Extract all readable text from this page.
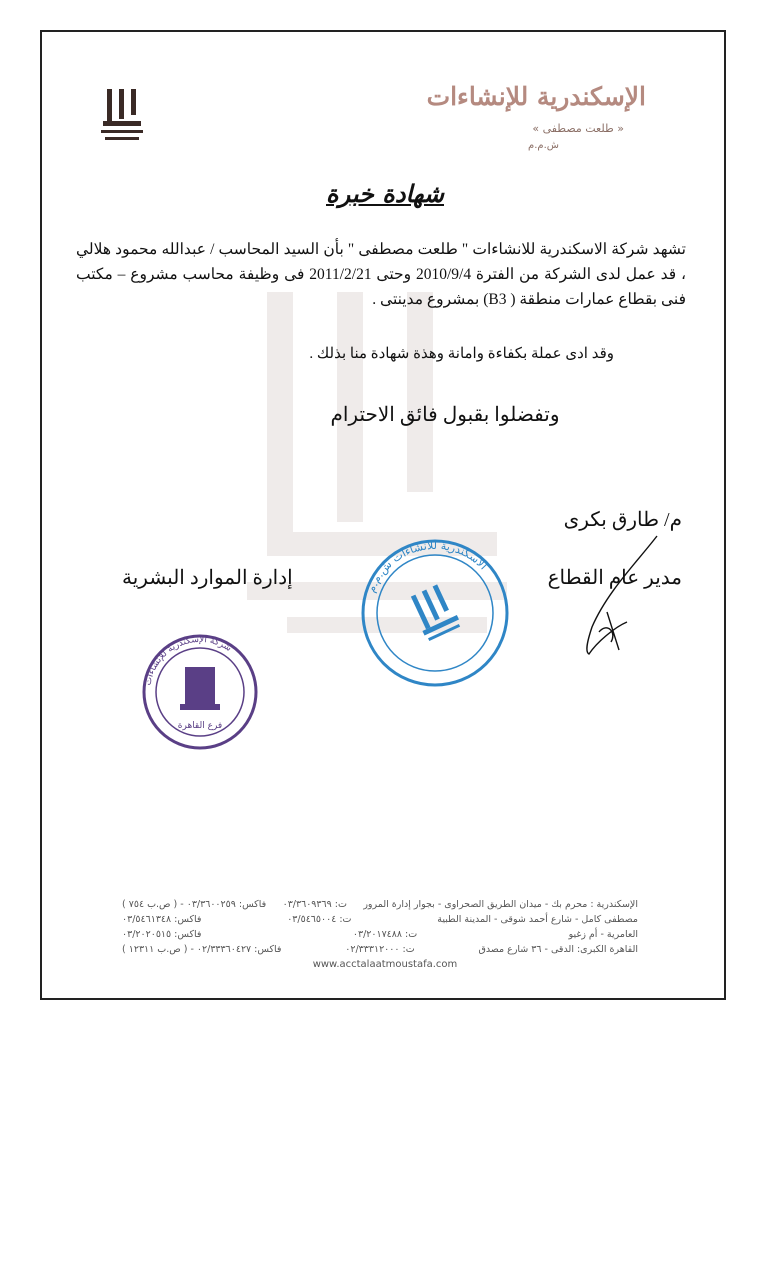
الإسكندرية للإنشاءات
« طلعت مصطفى »
ش.م.م
شهادة خبرة

تشهد شركة الاسكندرية للانشاءات " طلعت مصطفى " بأن السيد المحاسب / عبدالله محمود هلالي ، قد عمل لدى الشركة من الفترة 2010/9/4 وحتى 2011/2/21 فى وظيفة محاسب مشروع – مكتب فنى بقطاع عمارات منطقة ( B3) بمشروع مدينتى .

وقد ادى عملة بكفاءة وامانة وهذة شهادة منا بذلك .
وتفضلوا بقبول فائق الاحترام
م/ طارق بكرى
مدير عام القطاع
إدارة الموارد البشرية	الاسكندرية للانشاءات ش.م.م
شركة الإسكندرية للإنشاءات
فرع القاهرة
الإسكندرية : محرم بك - ميدان الطريق الصحراوى - بجوار إدارة المرور
ت: ٠٣/٣٦٠٩٣٦٩
فاكس: ٠٣/٣٦٠٠٢٥٩ - ( ص.ب ٧٥٤ )
مصطفى كامل - شارع أحمد شوقى - المدينة الطبية
ت: ٠٣/٥٤٦٥٠٠٤
فاكس: ٠٣/٥٤٦١٣٤٨
العامرية - أم زغيو
ت: ٠٣/٢٠١٧٤٨٨
فاكس: ٠٣/٢٠٢٠٥١٥
القاهرة الكبرى: الدقى - ٣٦ شارع مصدق
ت: ٠٢/٣٣٣١٢٠٠٠
فاكس: ٠٢/٣٣٣٦٠٤٢٧ - ( ص.ب ١٢٣١١ )
www.acctalaatmoustafa.com
